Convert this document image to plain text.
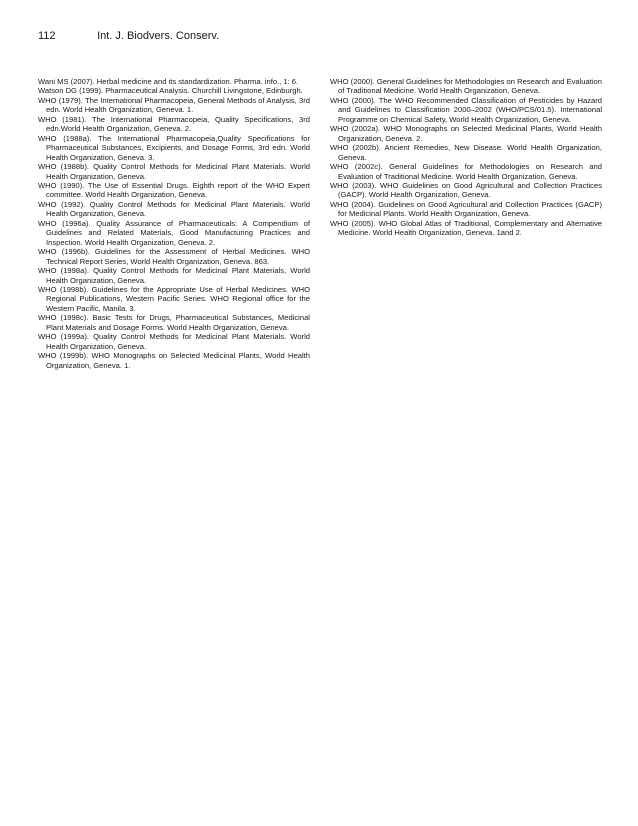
112	Int. J. Biodvers. Conserv.

Wani MS (2007). Herbal medicine and its standardization. Pharma. info., 1: 6.

Watson DG (1999). Pharmaceutical Analysis. Churchill Livingstone, Edinburgh.

WHO (1979). The International Pharmacopeia, General Methods of Analysis, 3rd edn. World Health Organization, Geneva. 1.

WHO (1981). The International Pharmacopeia, Quality Specifications, 3rd edn.World Health Organization, Geneva. 2.

WHO (1988a). The International Pharmacopeia,Quality Specifications for Pharmaceutical Substances, Excipients, and Dosage Forms, 3rd edn. World Health Organization, Geneva. 3.

WHO (1988b). Quality Control Methods for Medicinal Plant Materials. World Health Organization, Geneva.

WHO (1990). The Use of Essential Drugs. Eighth report of the WHO Expert committee. World Health Organization, Geneva.

WHO (1992). Quality Control Methods for Medicinal Plant Materials. World Health Organization, Geneva.

WHO (1996a). Quality Assurance of Pharmaceuticals: A Compendium of Guidelines and Related Materials, Good Manufacturing Practices and Inspection. World Health Organization, Geneva. 2.

WHO (1996b). Guidelines for the Assessment of Herbal Medicines. WHO Technical Report Series, World Health Organization, Geneva. 863.

WHO (1998a). Quality Control Methods for Medicinal Plant Materials, World Health Organization, Geneva.

WHO (1998b). Guidelines for the Appropriate Use of Herbal Medicines. WHO Regional Publications, Western Pacific Series. WHO Regional office for the Western Pacific, Manila. 3.

WHO (1998c). Basic Tests for Drugs, Pharmaceutical Substances, Medicinal Plant Materials and Dosage Forms. World Health Organization, Geneva.

WHO (1999a). Quality Control Methods for Medicinal Plant Materials. World Health Organization, Geneva.

WHO (1999b). WHO Monographs on Selected Medicinal Plants, World Health Organization, Geneva. 1.

WHO (2000). General Guidelines for Methodologies on Research and Evaluation of Traditional Medicine. World Health Organization, Geneva.

WHO (2000). The WHO Recommended Classification of Pesticides by Hazard and Guidelines to Classification 2000–2002 (WHO/PCS/01.5). International Programme on Chemical Safety, World Health Organization, Geneva.

WHO (2002a). WHO Monographs on Selected Medicinal Plants, World Health Organization, Geneva. 2.

WHO (2002b). Ancient Remedies, New Disease. World Health Organization, Geneva.

WHO (2002c). General Guidelines for Methodologies on Research and Evaluation of Traditional Medicine. World Health Organization, Geneva.

WHO (2003). WHO Guidelines on Good Agricultural and Collection Practices (GACP). World Health Organization, Geneva.

WHO (2004). Guidelines on Good Agricultural and Collection Practices (GACP) for Medicinal Plants. World Health Organization, Geneva.

WHO (2005). WHO Global Atlas of Traditional, Complementary and Alternative Medicine. World Health Organization, Geneva. 1and 2.
